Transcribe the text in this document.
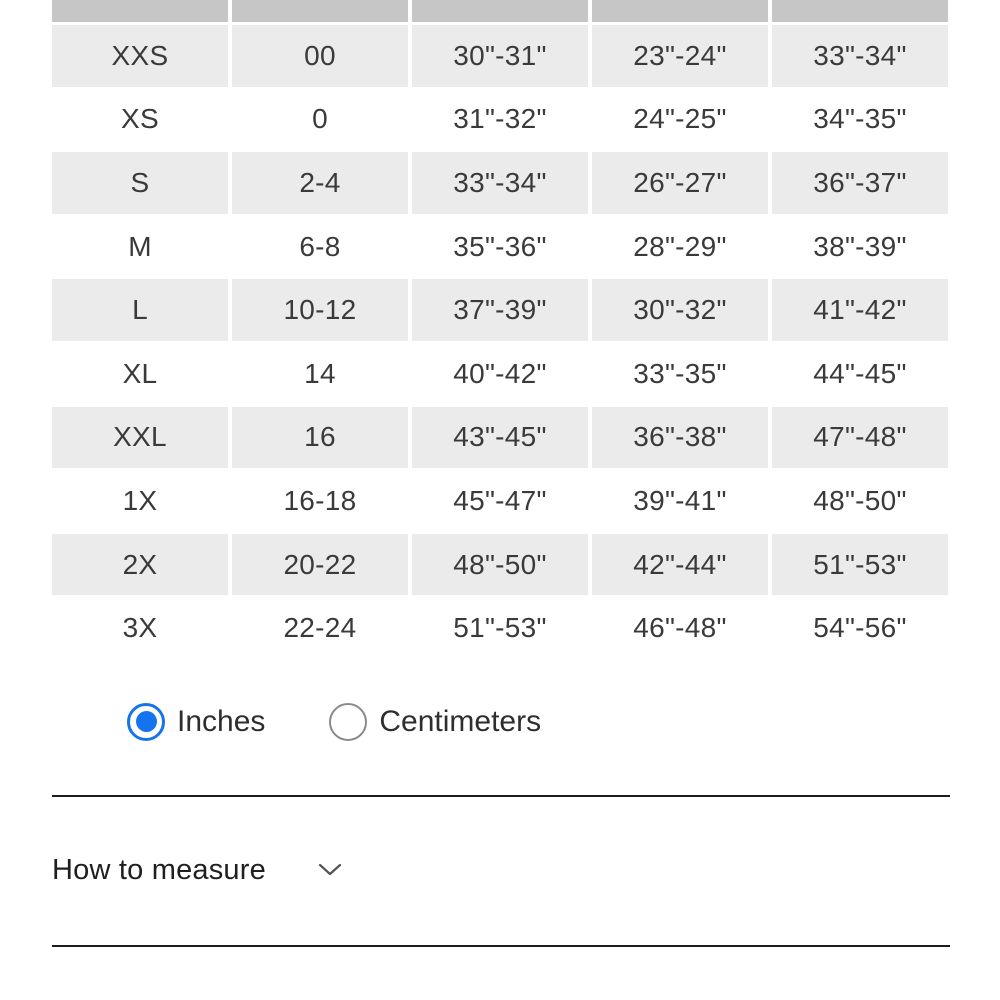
XXS	00	30"-31"	23"-24"	33"-34"
XS	0	31"-32"	24"-25"	34"-35"
S	2-4	33"-34"	26"-27"	36"-37"
M	6-8	35"-36"	28"-29"	38"-39"
L	10-12	37"-39"	30"-32"	41"-42"
XL	14	40"-42"	33"-35"	44"-45"
XXL	16	43"-45"	36"-38"	47"-48"
1X	16-18	45"-47"	39"-41"	48"-50"
2X	20-22	48"-50"	42"-44"	51"-53"
3X	22-24	51"-53"	46"-48"	54"-56"
Inches	Centimeters
How to measure
